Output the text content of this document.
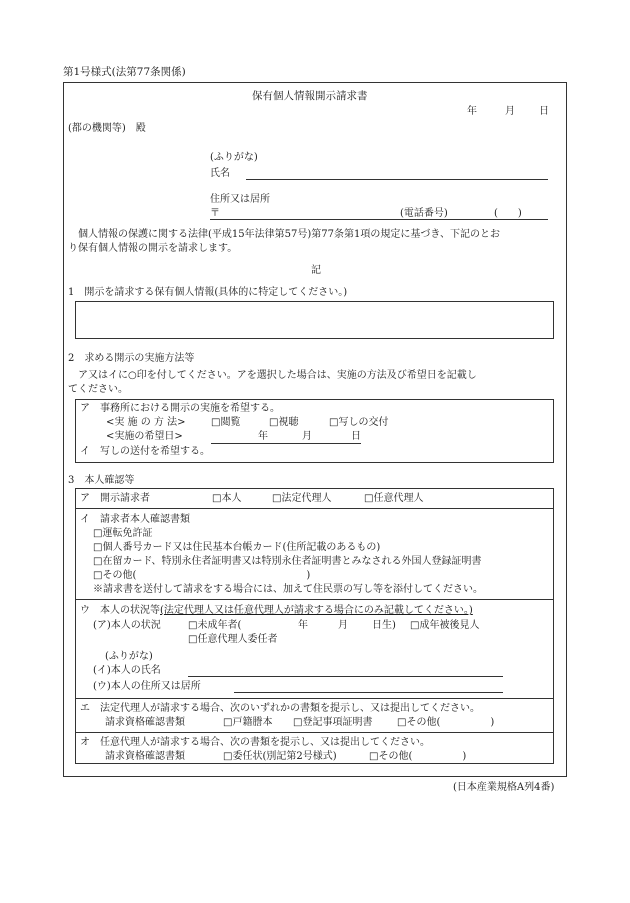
第1号様式(法第77条関係)
保有個人情報開示請求書
年	月 日
(都の機関等)　殿
(ふりがな)
氏名
住所又は居所
〒	(電話番号)	(　　)
　個人情報の保護に関する法律(平成15年法律第57号)第77条第1項の規定に基づき、下記のとお
り保有個人情報の開示を請求します。
記
1　開示を請求する保有個人情報(具体的に特定してください。)
2　求める開示の実施方法等
　ア又はイに○印を付してください。アを選択した場合は、実施の方法及び希望日を記載し
てください。
ア　事務所における開示の実施を希望する。
<実 施 の 方 法>	□閲覧	□視聴	□写しの交付
<実施の希望日>	年	月	日
イ　写しの送付を希望する。
3　本人確認等
ア　開示請求者	□本人	□法定代理人	□任意代理人
イ　請求者本人確認書類
□運転免許証
□個人番号カード又は住民基本台帳カード(住所記載のあるもの)
□在留カード、特別永住者証明書又は特別永住者証明書とみなされる外国人登録証明書
□その他(　　　　　　　　　　　　　　　　　)
※請求書を送付して請求をする場合には、加えて住民票の写し等を添付してください。
ウ　本人の状況等(法定代理人又は任意代理人が請求する場合にのみ記載してください。)
(ア)本人の状況	□未成年者(	年	月 日生) □成年被後見人
□任意代理人委任者
(ふりがな)
(イ)本人の氏名
(ウ)本人の住所又は居所
エ　法定代理人が請求する場合、次のいずれかの書類を提示し、又は提出してください。
請求資格確認書類	□戸籍謄本 □登記事項証明書 □その他(　　　　　)
オ　任意代理人が請求する場合、次の書類を提示し、又は提出してください。
請求資格確認書類	□委任状(別記第2号様式)	□その他(　　　　　)
(日本産業規格A列4番)
